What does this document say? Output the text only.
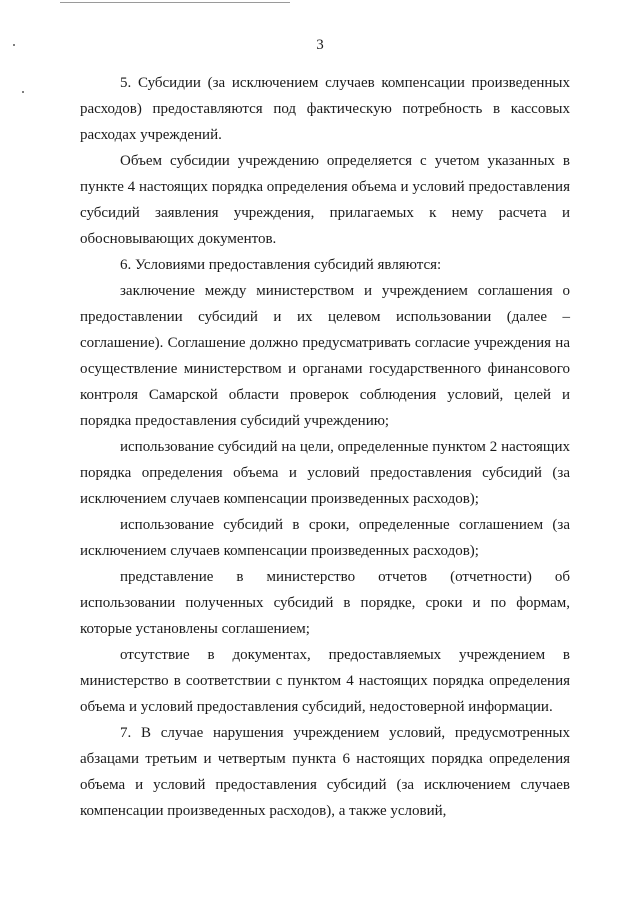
3

5. Субсидии (за исключением случаев компенсации произведенных расходов) предоставляются под фактическую потребность в кассовых расходах учреждений.

Объем субсидии учреждению определяется с учетом указанных в пункте 4 настоящих порядка определения объема и условий предоставления субсидий заявления учреждения, прилагаемых к нему расчета и обосновывающих документов.

6. Условиями предоставления субсидий являются:

заключение между министерством и учреждением соглашения о предоставлении субсидий и их целевом использовании (далее – соглашение). Соглашение должно предусматривать согласие учреждения на осуществление министерством и органами государственного финансового контроля Самарской области проверок соблюдения условий, целей и порядка предоставления субсидий учреждению;

использование субсидий на цели, определенные пунктом 2 настоящих порядка определения объема и условий предоставления субсидий (за исключением случаев компенсации произведенных расходов);

использование субсидий в сроки, определенные соглашением (за исключением случаев компенсации произведенных расходов);

представление в министерство отчетов (отчетности) об использовании полученных субсидий в порядке, сроки и по формам, которые установлены соглашением;

отсутствие в документах, предоставляемых учреждением в министерство в соответствии с пунктом 4 настоящих порядка определения объема и условий предоставления субсидий, недостоверной информации.

7. В случае нарушения учреждением условий, предусмотренных абзацами третьим и четвертым пункта 6 настоящих порядка определения объема и условий предоставления субсидий (за исключением случаев компенсации произведенных расходов), а также условий,
